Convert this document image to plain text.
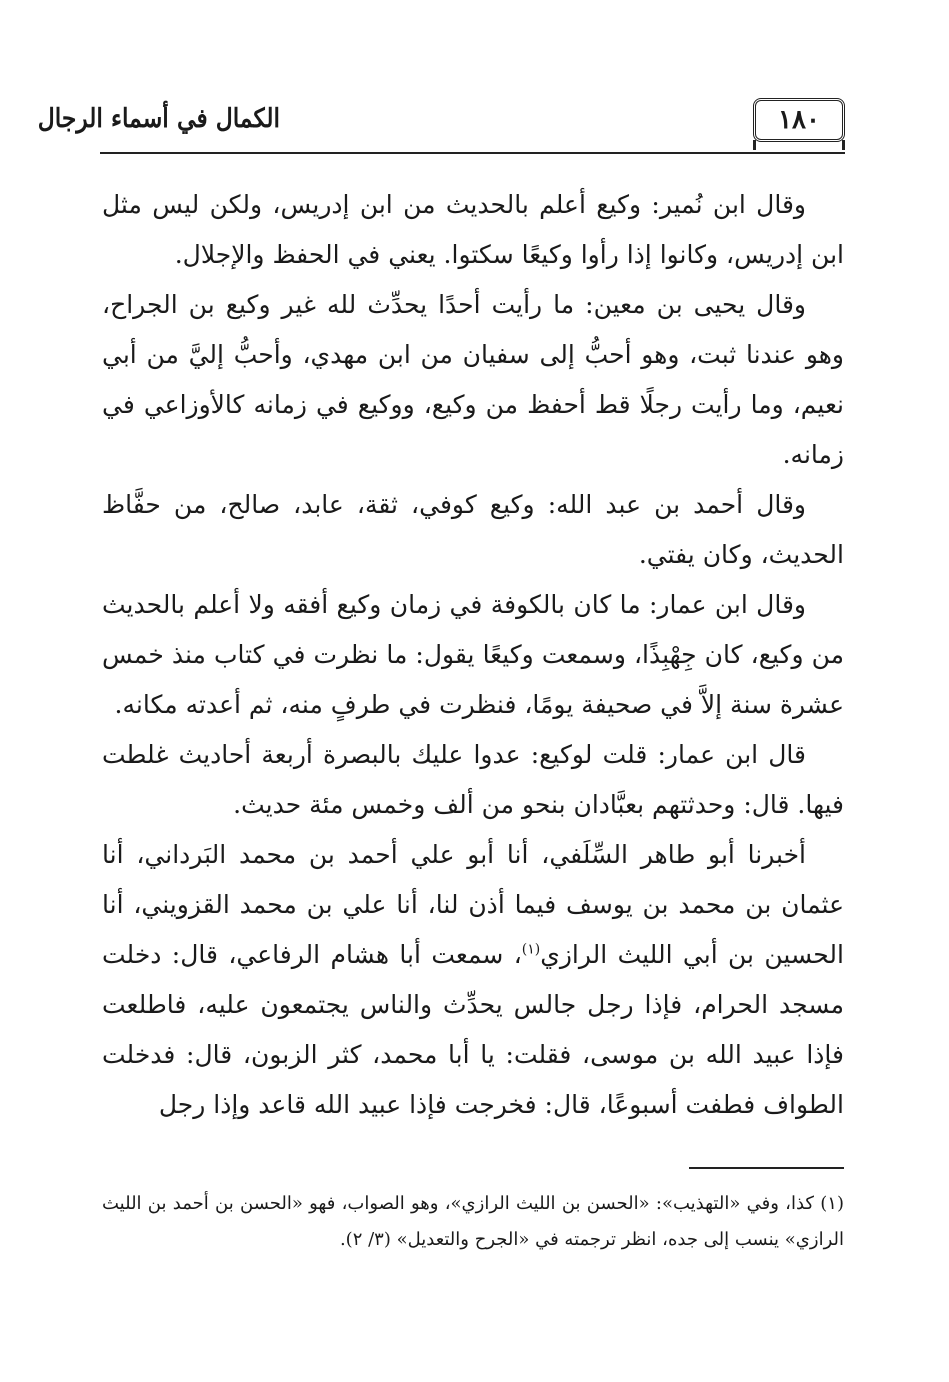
الكمال في أسماء الرجال	١٨٠

وقال ابن نُمير: وكيع أعلم بالحديث من ابن إدريس، ولكن ليس مثل ابن إدريس، وكانوا إذا رأوا وكيعًا سكتوا. يعني في الحفظ والإجلال.

وقال يحيى بن معين: ما رأيت أحدًا يحدِّث لله غير وكيع بن الجراح، وهو عندنا ثبت، وهو أحبُّ إلى سفيان من ابن مهدي، وأحبُّ إليَّ من أبي نعيم، وما رأيت رجلًا قط أحفظ من وكيع، ووكيع في زمانه كالأوزاعي في زمانه.

وقال أحمد بن عبد الله: وكيع كوفي، ثقة، عابد، صالح، من حفَّاظ الحديث، وكان يفتي.

وقال ابن عمار: ما كان بالكوفة في زمان وكيع أفقه ولا أعلم بالحديث من وكيع، كان جِهْبِذًا، وسمعت وكيعًا يقول: ما نظرت في كتاب منذ خمس عشرة سنة إلاَّ في صحيفة يومًا، فنظرت في طرفٍ منه، ثم أعدته مكانه.

قال ابن عمار: قلت لوكيع: عدوا عليك بالبصرة أربعة أحاديث غلطت فيها. قال: وحدثتهم بعبَّادان بنحو من ألف وخمس مئة حديث.

أخبرنا أبو طاهر السِّلَفي، أنا أبو علي أحمد بن محمد البَرداني، أنا عثمان بن محمد بن يوسف فيما أذن لنا، أنا علي بن محمد القزويني، أنا الحسين بن أبي الليث الرازي$^{(١)}$، سمعت أبا هشام الرفاعي، قال: دخلت مسجد الحرام، فإذا رجل جالس يحدِّث والناس يجتمعون عليه، فاطلعت فإذا عبيد الله بن موسى، فقلت: يا أبا محمد، كثر الزبون، قال: فدخلت الطواف فطفت أسبوعًا، قال: فخرجت فإذا عبيد الله قاعد وإذا رجل

(١) كذا، وفي «التهذيب»: «الحسن بن الليث الرازي»، وهو الصواب، فهو «الحسن بن أحمد بن الليث الرازي» ينسب إلى جده، انظر ترجمته في «الجرح والتعديل» (٣/ ٢).
